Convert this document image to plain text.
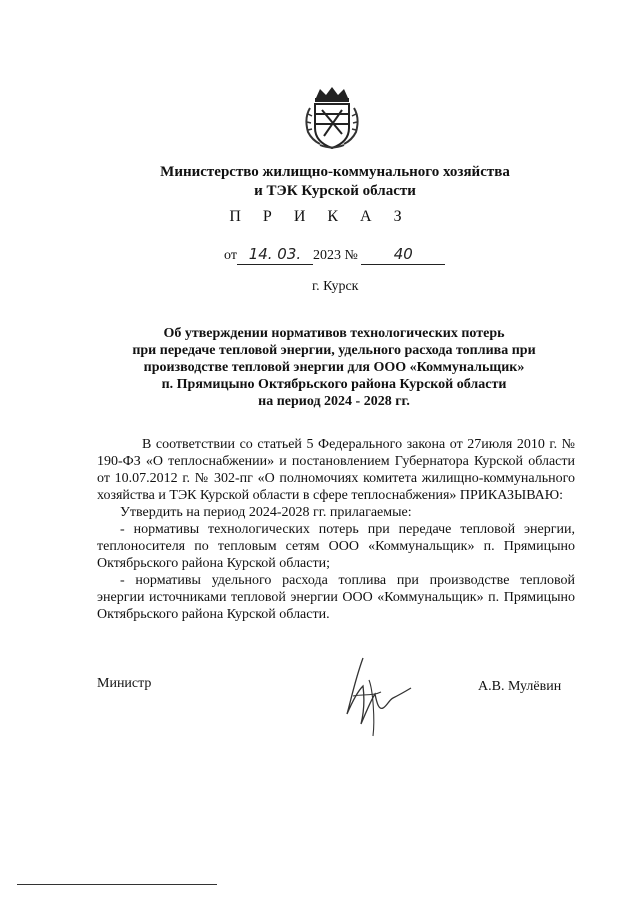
Министерство жилищно-коммунального хозяйства
и ТЭК Курской области
П Р И К А З
от 14. 03. 2023 № 40
г. Курск
Об утверждении нормативов технологических потерь
при передаче тепловой энергии, удельного расхода топлива при
производстве тепловой энергии для ООО «Коммунальщик»
п. Прямицыно Октябрьского района Курской области
на период 2024 - 2028 гг.

В соответствии со статьей 5 Федерального закона от 27июля 2010 г. № 190-ФЗ «О теплоснабжении» и постановлением Губернатора Курской области от 10.07.2012 г. № 302-пг «О полномочиях комитета жилищно-коммунального хозяйства и ТЭК Курской области в сфере теплоснабжения» ПРИКАЗЫВАЮ:

Утвердить на период 2024-2028 гг. прилагаемые:

- нормативы технологических потерь при передаче тепловой энергии, теплоносителя по тепловым сетям ООО «Коммунальщик» п. Прямицыно Октябрьского района Курской области;

- нормативы удельного расхода топлива при производстве тепловой энергии источниками тепловой энергии ООО «Коммунальщик» п. Прямицыно Октябрьского района Курской области.

Министр	А.В. Мулёвин
